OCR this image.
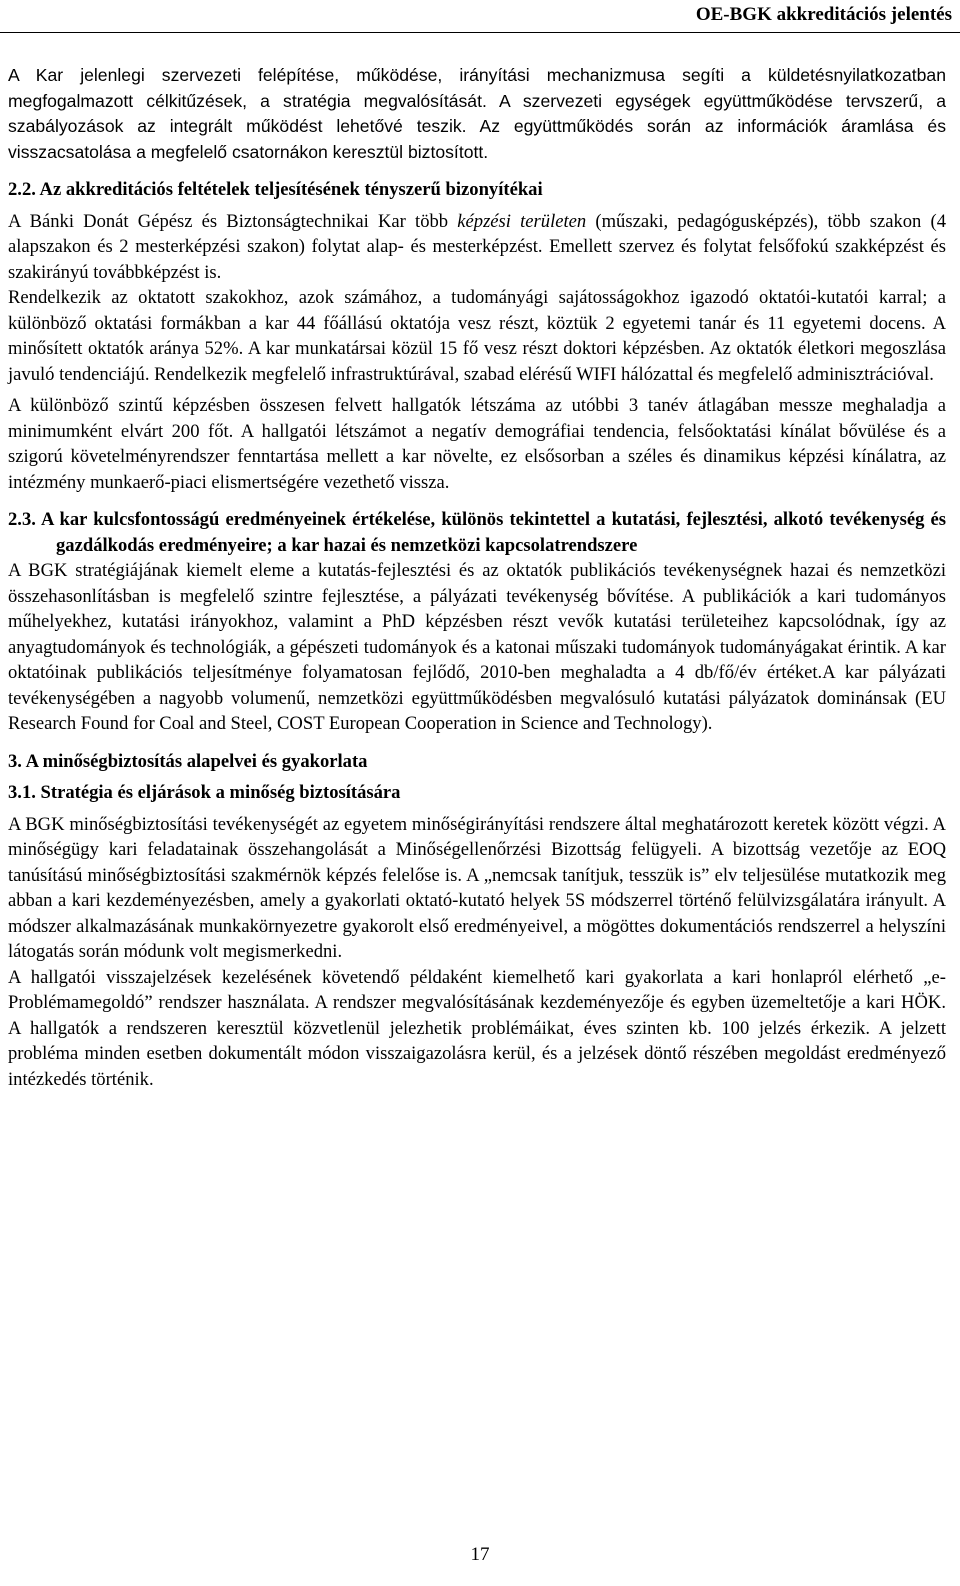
OE-BGK akkreditációs jelentés

A Kar jelenlegi szervezeti felépítése, működése, irányítási mechanizmusa segíti a küldetésnyilatkozatban megfogalmazott célkitűzések, a stratégia megvalósítását. A szervezeti egységek együttműködése tervszerű, a szabályozások az integrált működést lehetővé teszik. Az együttműködés során az információk áramlása és visszacsatolása a megfelelő csatornákon keresztül biztosított.

2.2. Az akkreditációs feltételek teljesítésének tényszerű bizonyítékai

A Bánki Donát Gépész és Biztonságtechnikai Kar több képzési területen (műszaki, pedagógusképzés), több szakon (4 alapszakon és 2 mesterképzési szakon) folytat alap- és mesterképzést. Emellett szervez és folytat felsőfokú szakképzést és szakirányú továbbképzést is.

Rendelkezik az oktatott szakokhoz, azok számához, a tudományági sajátosságokhoz igazodó oktatói-kutatói karral; a különböző oktatási formákban a kar 44 főállású oktatója vesz részt, köztük 2 egyetemi tanár és 11 egyetemi docens. A minősített oktatók aránya 52%. A kar munkatársai közül 15 fő vesz részt doktori képzésben. Az oktatók életkori megoszlása javuló tendenciájú. Rendelkezik megfelelő infrastruktúrával, szabad elérésű WIFI hálózattal és megfelelő adminisztrációval.

A különböző szintű képzésben összesen felvett hallgatók létszáma az utóbbi 3 tanév átlagában messze meghaladja a minimumként elvárt 200 főt. A hallgatói létszámot a negatív demográfiai tendencia, felsőoktatási kínálat bővülése és a szigorú követelményrendszer fenntartása mellett a kar növelte, ez elsősorban a széles és dinamikus képzési kínálatra, az intézmény munkaerő-piaci elismertségére vezethető vissza.

2.3. A kar kulcsfontosságú eredményeinek értékelése, különös tekintettel a kutatási, fejlesztési, alkotó tevékenység és gazdálkodás eredményeire; a kar hazai és nemzetközi kapcsolatrendszere

A BGK stratégiájának kiemelt eleme a kutatás-fejlesztési és az oktatók publikációs tevékenységnek hazai és nemzetközi összehasonlításban is megfelelő szintre fejlesztése, a pályázati tevékenység bővítése. A publikációk a kari tudományos műhelyekhez, kutatási irányokhoz, valamint a PhD képzésben részt vevők kutatási területeihez kapcsolódnak, így az anyagtudományok és technológiák, a gépészeti tudományok és a katonai műszaki tudományok tudományágakat érintik. A kar oktatóinak publikációs teljesítménye folyamatosan fejlődő, 2010-ben meghaladta a 4 db/fő/év értéket.A kar pályázati tevékenységében a nagyobb volumenű, nemzetközi együttműködésben megvalósuló kutatási pályázatok dominánsak (EU Research Found for Coal and Steel, COST European Cooperation in Science and Technology).

3. A minőségbiztosítás alapelvei és gyakorlata
3.1. Stratégia és eljárások a minőség biztosítására

A BGK minőségbiztosítási tevékenységét az egyetem minőségirányítási rendszere által meghatározott keretek között végzi. A minőségügy kari feladatainak összehangolását a Minőségellenőrzési Bizottság felügyeli. A bizottság vezetője az EOQ tanúsítású minőségbiztosítási szakmérnök képzés felelőse is. A „nemcsak tanítjuk, tesszük is” elv teljesülése mutatkozik meg abban a kari kezdeményezésben, amely a gyakorlati oktató-kutató helyek 5S módszerrel történő felülvizsgálatára irányult. A módszer alkalmazásának munkakörnyezetre gyakorolt első eredményeivel, a mögöttes dokumentációs rendszerrel a helyszíni látogatás során módunk volt megismerkedni.

A hallgatói visszajelzések kezelésének követendő példaként kiemelhető kari gyakorlata a kari honlapról elérhető „e-Problémamegoldó” rendszer használata. A rendszer megvalósításának kezdeményezője és egyben üzemeltetője a kari HÖK. A hallgatók a rendszeren keresztül közvetlenül jelezhetik problémáikat, éves szinten kb. 100 jelzés érkezik. A jelzett probléma minden esetben dokumentált módon visszaigazolásra kerül, és a jelzések döntő részében megoldást eredményező intézkedés történik.

17
